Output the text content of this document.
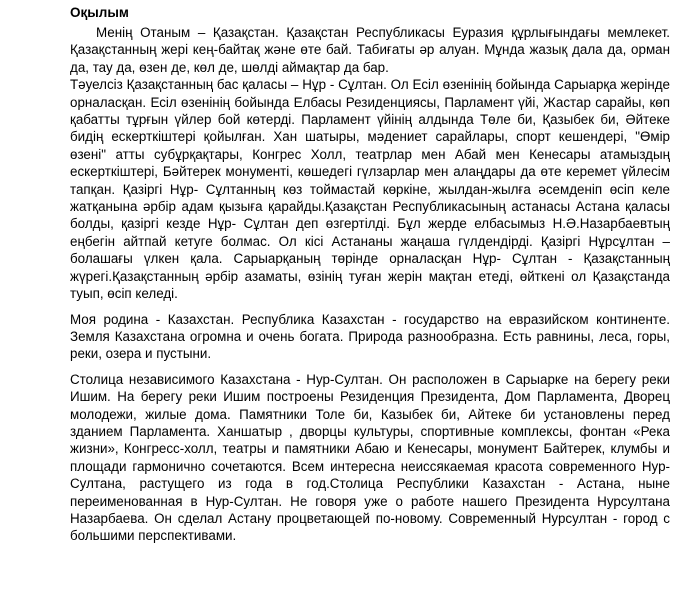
Оқылым

Менің Отаным – Қазақстан. Қазақстан Республикасы Еуразия құрлығындағы мемлекет. Қазақстанның жері кең-байтақ және өте бай. Табиғаты әр алуан. Мұнда жазық дала да, орман да, тау да, өзен де, көл де, шөлді аймақтар да бар.

Тәуелсіз Қазақстанның бас қаласы – Нұр - Сұлтан. Ол Есіл өзенінің бойында Сарыарқа жерінде орналасқан. Есіл өзенінің бойында Елбасы Резиденциясы, Парламент үйі, Жастар сарайы, көп қабатты тұрғын үйлер бой көтерді. Парламент үйінің алдында Төле би, Қазыбек би, Әйтеке бидің ескерткіштері қойылған. Хан шатыры, мәдениет сарайлары, спорт кешендері, "Өмір өзені" атты субұрқақтары, Конгрес Холл, театрлар мен Абай мен Кенесары атамыздың ескерткіштері, Бәйтерек монументі, көшедегі гүлзарлар мен алаңдары да өте керемет үйлесім тапқан. Қазіргі Нұр- Сұлтанның көз тоймастай көркіне, жылдан-жылға әсемденіп өсіп келе жатқанына әрбір адам қызыға қарайды.Қазақстан Республикасының астанасы Астана қаласы болды, қазіргі кезде Нұр- Сұлтан деп өзгертілді. Бұл жерде елбасымыз Н.Ә.Назарбаевтың еңбегін айтпай кетуге болмас. Ол кісі Астананы жаңаша гүлдендірді. Қазіргі Нұрсұлтан – болашағы үлкен қала. Сарыарқаның төрінде орналасқан Нұр- Сұлтан - Қазақстанның жүрегі.Қазақстанның әрбір азаматы, өзінің туған жерін мақтан етеді, өйткені ол Қазақстанда туып, өсіп келеді.

Моя родина - Казахстан. Республика Казахстан - государство на евразийском континенте. Земля Казахстана огромна и очень богата. Природа разнообразна. Есть равнины, леса, горы, реки, озера и пустыни.

Столица независимого Казахстана - Нур-Султан. Он расположен в Сарыарке на берегу реки Ишим. На берегу реки Ишим построены Резиденция Президента, Дом Парламента, Дворец молодежи, жилые дома. Памятники Толе би, Казыбек би, Айтеке би установлены перед зданием Парламента. Ханшатыр , дворцы культуры, спортивные комплексы, фонтан «Река жизни», Конгресс-холл, театры и памятники Абаю и Кенесары, монумент Байтерек, клумбы и площади гармонично сочетаются. Всем интересна неиссякаемая красота современного Нур-Султана, растущего из года в год.Столица Республики Казахстан - Астана, ныне переименованная в Нур-Султан. Не говоря уже о работе нашего Президента Нурсултана Назарбаева. Он сделал Астану процветающей по-новому. Современный Нурсултан - город с большими перспективами.
